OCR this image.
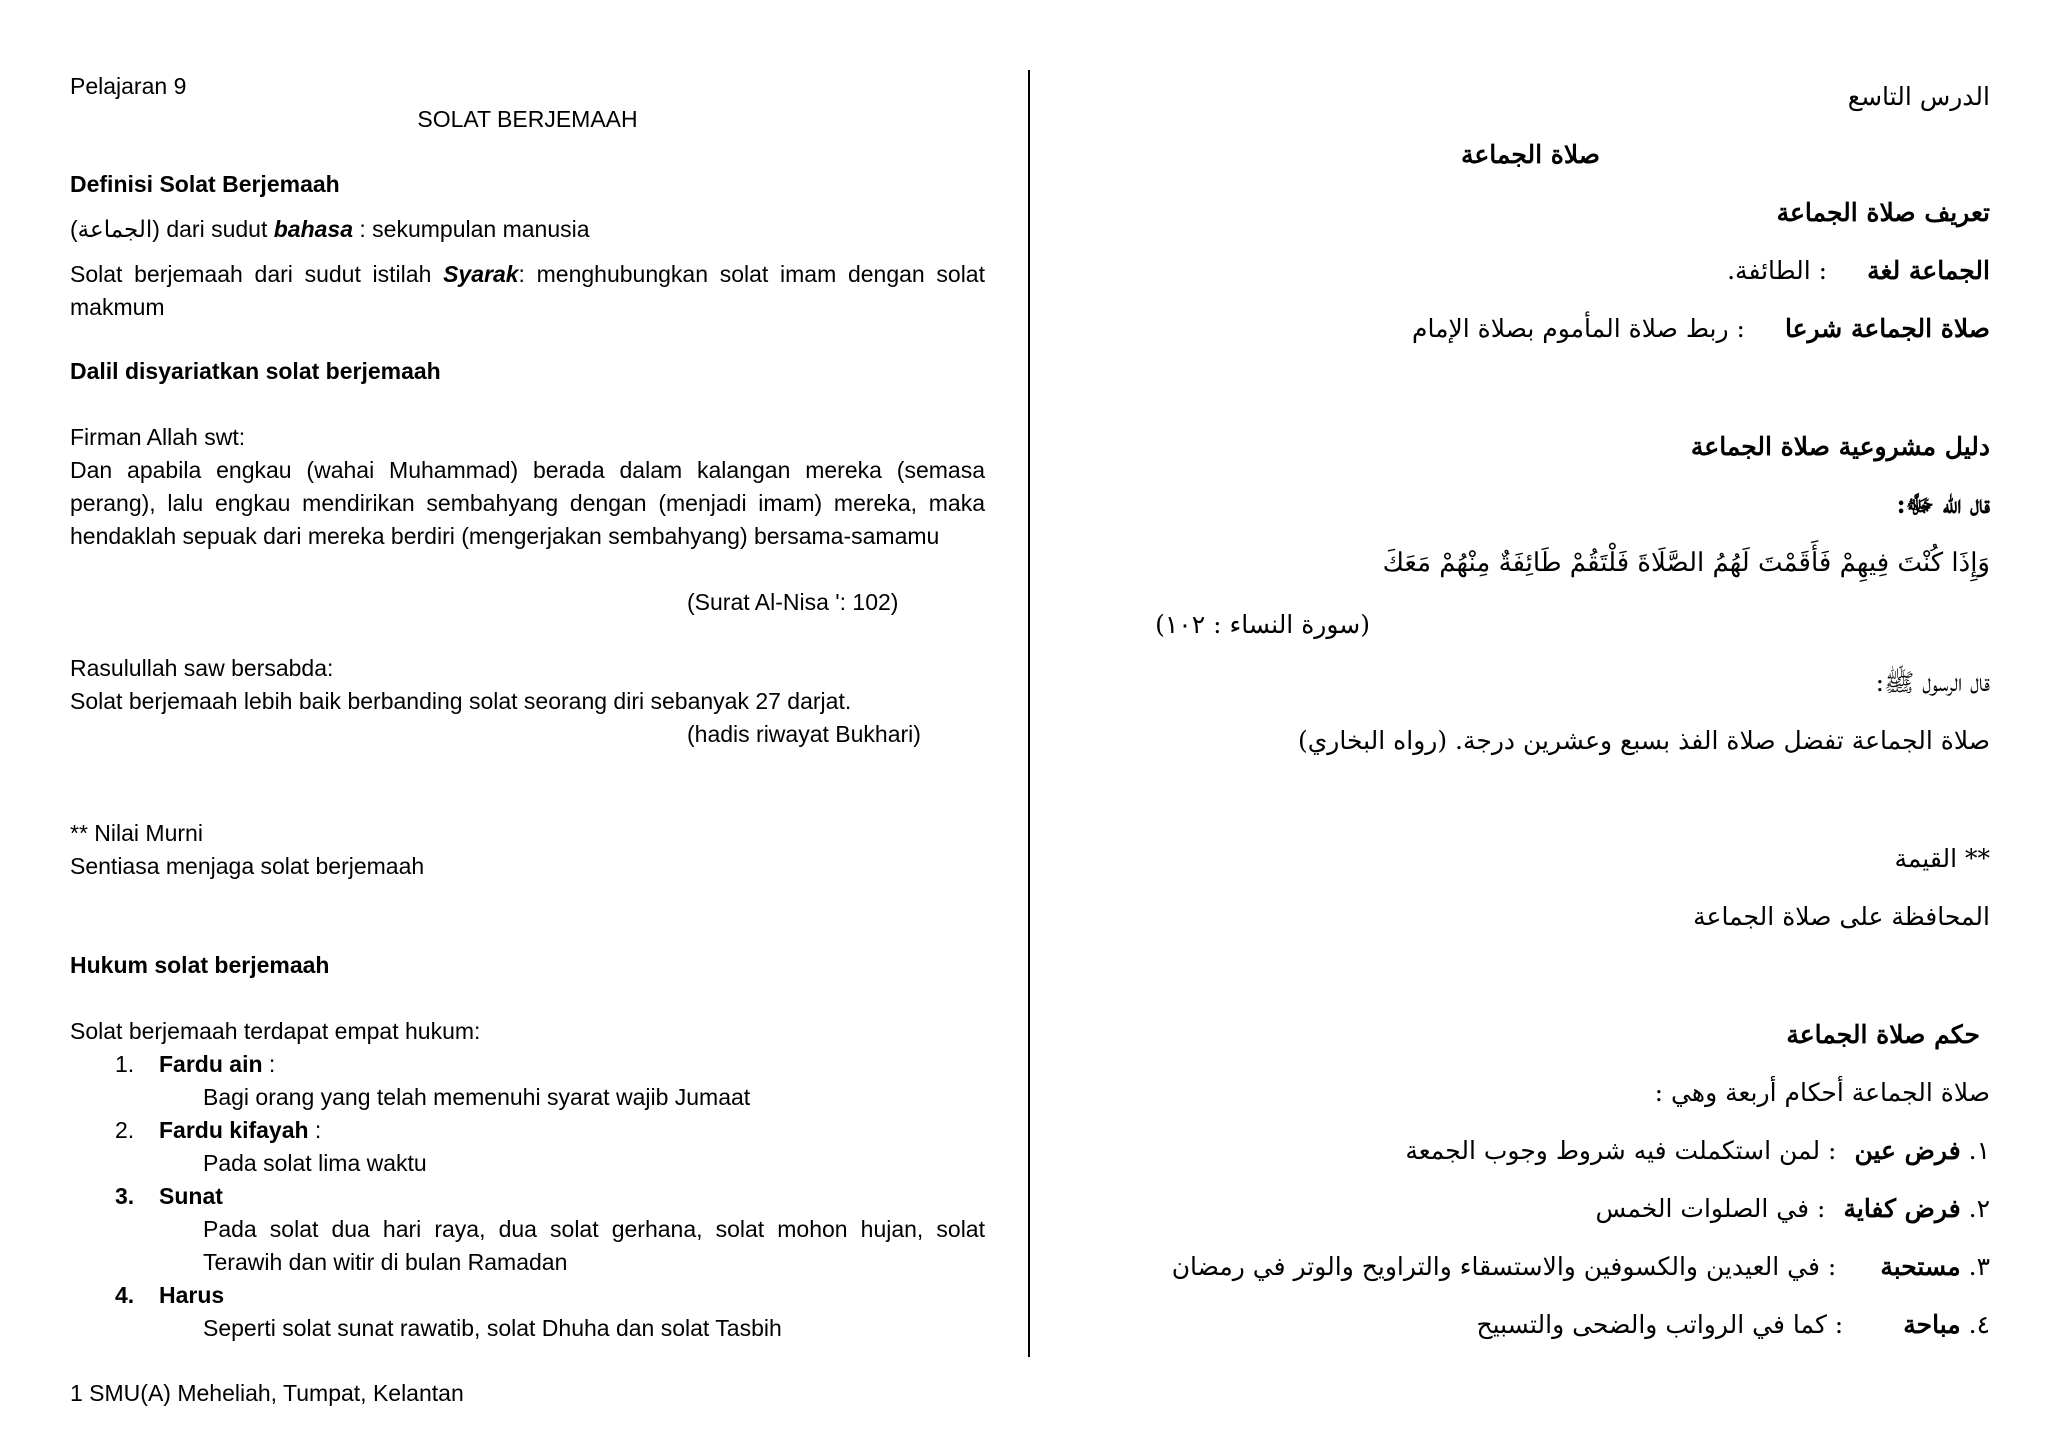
Pelajaran 9
SOLAT BERJEMAAH
Definisi Solat Berjemaah
(الجماعة) dari sudut bahasa : sekumpulan manusia
Solat berjemaah dari sudut istilah Syarak: menghubungkan solat imam dengan solat makmum
Dalil disyariatkan solat berjemaah
Firman Allah swt:
Dan apabila engkau (wahai Muhammad) berada dalam kalangan mereka (semasa perang), lalu engkau mendirikan sembahyang dengan (menjadi imam) mereka, maka hendaklah sepuak dari mereka berdiri (mengerjakan sembahyang) bersama-samamu
(Surat Al-Nisa ': 102)
Rasulullah saw bersabda:
Solat berjemaah lebih baik berbanding solat seorang diri sebanyak 27 darjat.
(hadis riwayat Bukhari)
** Nilai Murni
Sentiasa menjaga solat berjemaah
Hukum solat berjemaah
Solat berjemaah terdapat empat hukum:
1. Fardu ain :
Bagi orang yang telah memenuhi syarat wajib Jumaat
2. Fardu kifayah :
Pada solat lima waktu
3. Sunat
Pada solat dua hari raya, dua solat gerhana, solat mohon hujan, solat Terawih dan witir di bulan Ramadan
4. Harus
Seperti solat sunat rawatib, solat Dhuha dan solat Tasbih
1 SMU(A) Meheliah, Tumpat, Kelantan
الدرس التاسع
صلاة الجماعة
تعريف صلاة الجماعة
الجماعة لغة: الطائفة.
صلاة الجماعة شرعا: ربط صلاة المأموم بصلاة الإمام
دليل مشروعية صلاة الجماعة
قال الله ﷻ:
وَإِذَا كُنْتَ فِيهِمْ فَأَقَمْتَ لَهُمُ الصَّلَاةَ فَلْتَقُمْ طَائِفَةٌ مِنْهُمْ مَعَكَ
(سورة النساء : ١٠٢)
قال الرسول ﷺ:
صلاة الجماعة تفضل صلاة الفذ بسبع وعشرين درجة. (رواه البخاري)
** القيمة
المحافظة على صلاة الجماعة
حكم صلاة الجماعة
صلاة الجماعة أحكام أربعة وهي :
١. فرض عين: لمن استكملت فيه شروط وجوب الجمعة
٢. فرض كفاية: في الصلوات الخمس
٣. مستحبة: في العيدين والكسوفين والاستسقاء والتراويح والوتر في رمضان
٤. مباحة: كما في الرواتب والضحى والتسبيح
